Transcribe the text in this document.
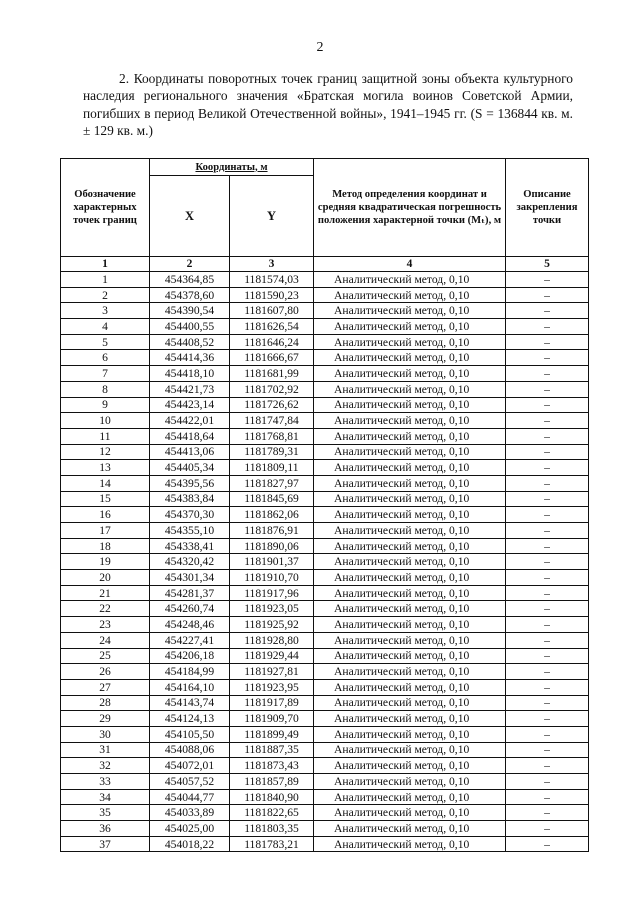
2
2. Координаты поворотных точек границ защитной зоны объекта культурного наследия регионального значения «Братская могила воинов Советской Армии, погибших в период Великой Отечественной войны», 1941–1945 гг. (S = 136844 кв. м. ± 129 кв. м.)
Обозначение характерных точек границ	Координаты, м		Метод определения координат и средняя квадратическая погрешность положения характерной точки (Mₜ), м	Описание закрепления точки
	X	Y		
1	2	3	4	5
1	454364,85	1181574,03	Аналитический метод, 0,10	–
2	454378,60	1181590,23	Аналитический метод, 0,10	–
3	454390,54	1181607,80	Аналитический метод, 0,10	–
4	454400,55	1181626,54	Аналитический метод, 0,10	–
5	454408,52	1181646,24	Аналитический метод, 0,10	–
6	454414,36	1181666,67	Аналитический метод, 0,10	–
7	454418,10	1181681,99	Аналитический метод, 0,10	–
8	454421,73	1181702,92	Аналитический метод, 0,10	–
9	454423,14	1181726,62	Аналитический метод, 0,10	–
10	454422,01	1181747,84	Аналитический метод, 0,10	–
11	454418,64	1181768,81	Аналитический метод, 0,10	–
12	454413,06	1181789,31	Аналитический метод, 0,10	–
13	454405,34	1181809,11	Аналитический метод, 0,10	–
14	454395,56	1181827,97	Аналитический метод, 0,10	–
15	454383,84	1181845,69	Аналитический метод, 0,10	–
16	454370,30	1181862,06	Аналитический метод, 0,10	–
17	454355,10	1181876,91	Аналитический метод, 0,10	–
18	454338,41	1181890,06	Аналитический метод, 0,10	–
19	454320,42	1181901,37	Аналитический метод, 0,10	–
20	454301,34	1181910,70	Аналитический метод, 0,10	–
21	454281,37	1181917,96	Аналитический метод, 0,10	–
22	454260,74	1181923,05	Аналитический метод, 0,10	–
23	454248,46	1181925,92	Аналитический метод, 0,10	–
24	454227,41	1181928,80	Аналитический метод, 0,10	–
25	454206,18	1181929,44	Аналитический метод, 0,10	–
26	454184,99	1181927,81	Аналитический метод, 0,10	–
27	454164,10	1181923,95	Аналитический метод, 0,10	–
28	454143,74	1181917,89	Аналитический метод, 0,10	–
29	454124,13	1181909,70	Аналитический метод, 0,10	–
30	454105,50	1181899,49	Аналитический метод, 0,10	–
31	454088,06	1181887,35	Аналитический метод, 0,10	–
32	454072,01	1181873,43	Аналитический метод, 0,10	–
33	454057,52	1181857,89	Аналитический метод, 0,10	–
34	454044,77	1181840,90	Аналитический метод, 0,10	–
35	454033,89	1181822,65	Аналитический метод, 0,10	–
36	454025,00	1181803,35	Аналитический метод, 0,10	–
37	454018,22	1181783,21	Аналитический метод, 0,10	–
